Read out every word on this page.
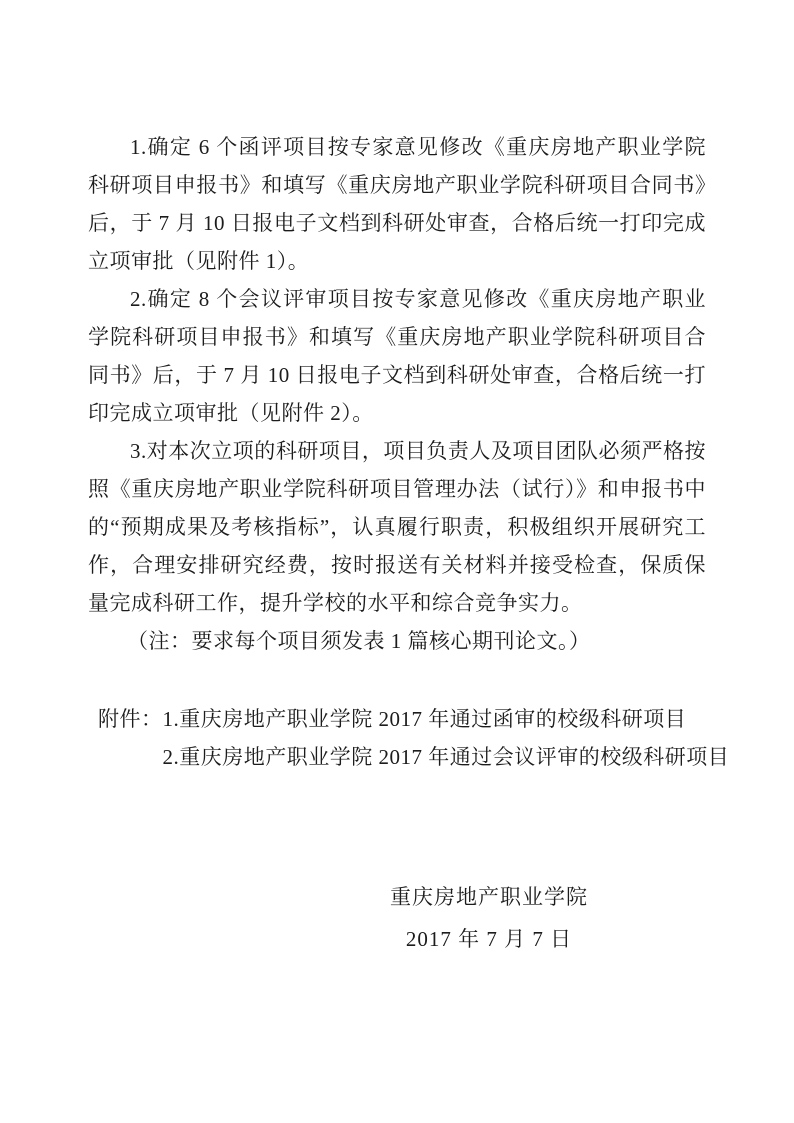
1.确定 6 个函评项目按专家意见修改《重庆房地产职业学院科研项目申报书》和填写《重庆房地产职业学院科研项目合同书》后，于 7 月 10 日报电子文档到科研处审查，合格后统一打印完成立项审批（见附件 1）。

2.确定 8 个会议评审项目按专家意见修改《重庆房地产职业学院科研项目申报书》和填写《重庆房地产职业学院科研项目合同书》后，于 7 月 10 日报电子文档到科研处审查，合格后统一打印完成立项审批（见附件 2）。

3.对本次立项的科研项目，项目负责人及项目团队必须严格按照《重庆房地产职业学院科研项目管理办法（试行）》和申报书中的“预期成果及考核指标”，认真履行职责，积极组织开展研究工作，合理安排研究经费，按时报送有关材料并接受检查，保质保量完成科研工作，提升学校的水平和综合竞争实力。

（注：要求每个项目须发表 1 篇核心期刊论文。）

附件： 1.重庆房地产职业学院 2017 年通过函审的校级科研项目
2.重庆房地产职业学院 2017 年通过会议评审的校级科研项目
重庆房地产职业学院
2017 年 7 月 7 日
